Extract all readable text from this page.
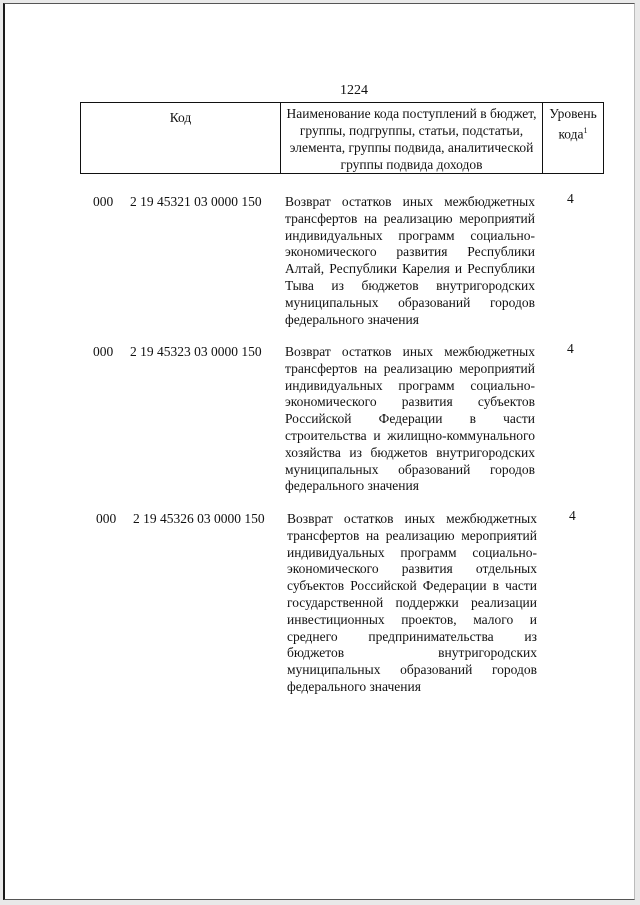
1224
Код	Наименование кода поступлений в бюджет, группы, подгруппы, статьи, подстатьи, элемента, группы подвида, аналитической группы подвида доходов
Уровень кода$^1$
000 2 19 45321 03 0000 150 Возврат остатков иных межбюджетных трансфертов на реализацию мероприятий индивидуальных программ социально-экономического развития Республики Алтай, Республики Карелия и Республики Тыва из бюджетов внутригородских муниципальных образований городов федерального значения
4
000 2 19 45323 03 0000 150 Возврат остатков иных межбюджетных трансфертов на реализацию мероприятий индивидуальных программ социально-экономического развития субъектов Российской Федерации в части строительства и жилищно-коммунального хозяйства из бюджетов внутригородских муниципальных образований городов федерального значения
4
000 2 19 45326 03 0000 150 Возврат остатков иных межбюджетных трансфертов на реализацию мероприятий индивидуальных программ социально-экономического развития отдельных субъектов Российской Федерации в части государственной поддержки реализации инвестиционных проектов, малого и среднего предпринимательства из бюджетов внутригородских муниципальных образований городов федерального значения
4
